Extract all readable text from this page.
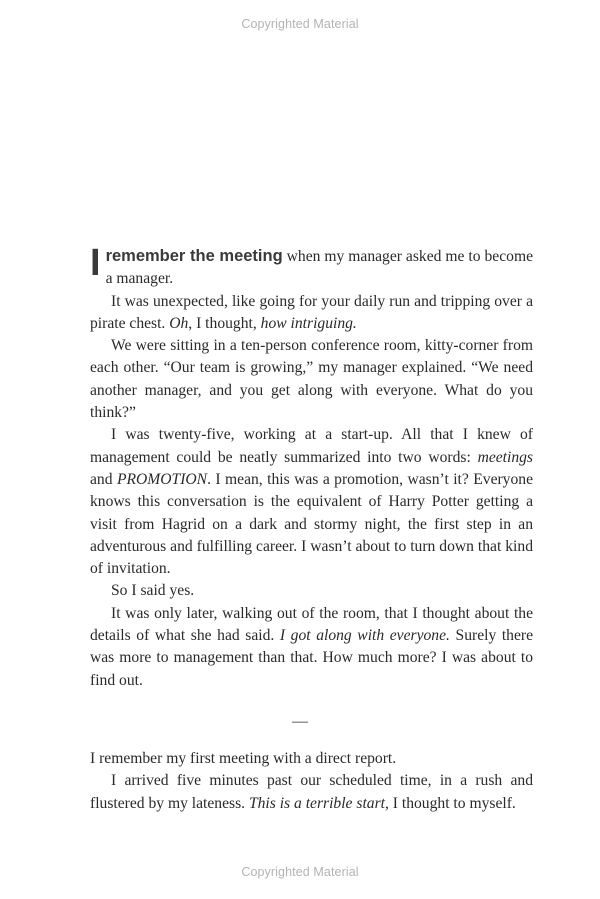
Copyrighted Material

Iremember the meeting when my manager asked me to become a manager.

It was unexpected, like going for your daily run and tripping over a pirate chest. Oh, I thought, how intriguing.

We were sitting in a ten-person conference room, kitty-corner from each other. “Our team is growing,” my manager explained. “We need another manager, and you get along with everyone. What do you think?”

I was twenty-five, working at a start-up. All that I knew of management could be neatly summarized into two words: meetings and PROMOTION. I mean, this was a promotion, wasn’t it? Everyone knows this conversation is the equivalent of Harry Potter getting a visit from Hagrid on a dark and stormy night, the first step in an adventurous and fulfilling career. I wasn’t about to turn down that kind of invitation.

So I said yes.

It was only later, walking out of the room, that I thought about the details of what she had said. I got along with everyone. Surely there was more to management than that. How much more? I was about to find out.

—

I remember my first meeting with a direct report.

I arrived five minutes past our scheduled time, in a rush and flustered by my lateness. This is a terrible start, I thought to myself.

Copyrighted Material
